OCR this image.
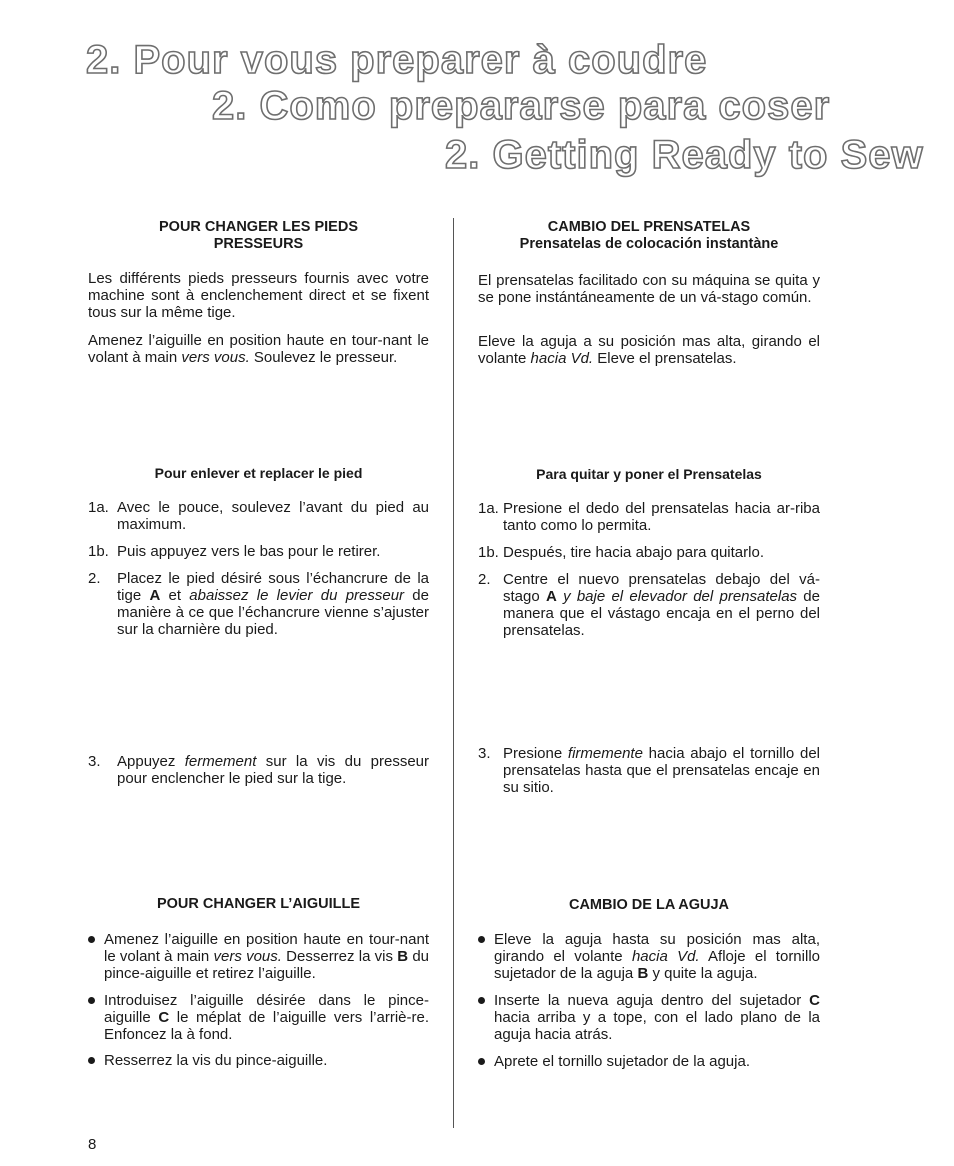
2. Pour vous preparer à coudre
2. Como prepararse para coser
2. Getting Ready to Sew
POUR CHANGER LES PIEDS
PRESSEURS

Les différents pieds presseurs fournis avec votre machine sont à enclenchement direct et se fixent tous sur la même tige.

Amenez l’aiguille en position haute en tour-nant le volant à main vers vous. Soulevez le presseur.

Pour enlever et replacer le pied
1a. Avec le pouce, soulevez l’avant du pied au maximum.

1b. Puis appuyez vers le bas pour le retirer.

2. Placez le pied désiré sous l’échancrure de la tige A et abaissez le levier du presseur de manière à ce que l’échancrure vienne s’ajuster sur la charnière du pied.

3. Appuyez fermement sur la vis du presseur pour enclencher le pied sur la tige.

POUR CHANGER L’AIGUILLE

Amenez l’aiguille en position haute en tour-nant le volant à main vers vous. Desserrez la vis B du pince-aiguille et retirez l’aiguille.

Introduisez l’aiguille désirée dans le pince-aiguille C le méplat de l’aiguille vers l’arriè-re. Enfoncez la à fond.

Resserrez la vis du pince-aiguille.

CAMBIO DEL PRENSATELAS
Prensatelas de colocación instantàne

El prensatelas facilitado con su máquina se quita y se pone instántáneamente de un vá-stago común.

Eleve la aguja a su posición mas alta, girando el volante hacia Vd. Eleve el prensatelas.

Para quitar y poner el Prensatelas
1a. Presione el dedo del prensatelas hacia ar-riba tanto como lo permita.

1b. Después, tire hacia abajo para quitarlo.

2. Centre el nuevo prensatelas debajo del vá-stago A y baje el elevador del prensatelas de manera que el vástago encaja en el perno del prensatelas.

3. Presione firmemente hacia abajo el tornillo del prensatelas hasta que el prensatelas encaje en su sitio.

CAMBIO DE LA AGUJA

Eleve la aguja hasta su posición mas alta, girando el volante hacia Vd. Afloje el tornillo sujetador de la aguja B y quite la aguja.

Inserte la nueva aguja dentro del sujetador C hacia arriba y a tope, con el lado plano de la aguja hacia atrás.

Aprete el tornillo sujetador de la aguja.

8
